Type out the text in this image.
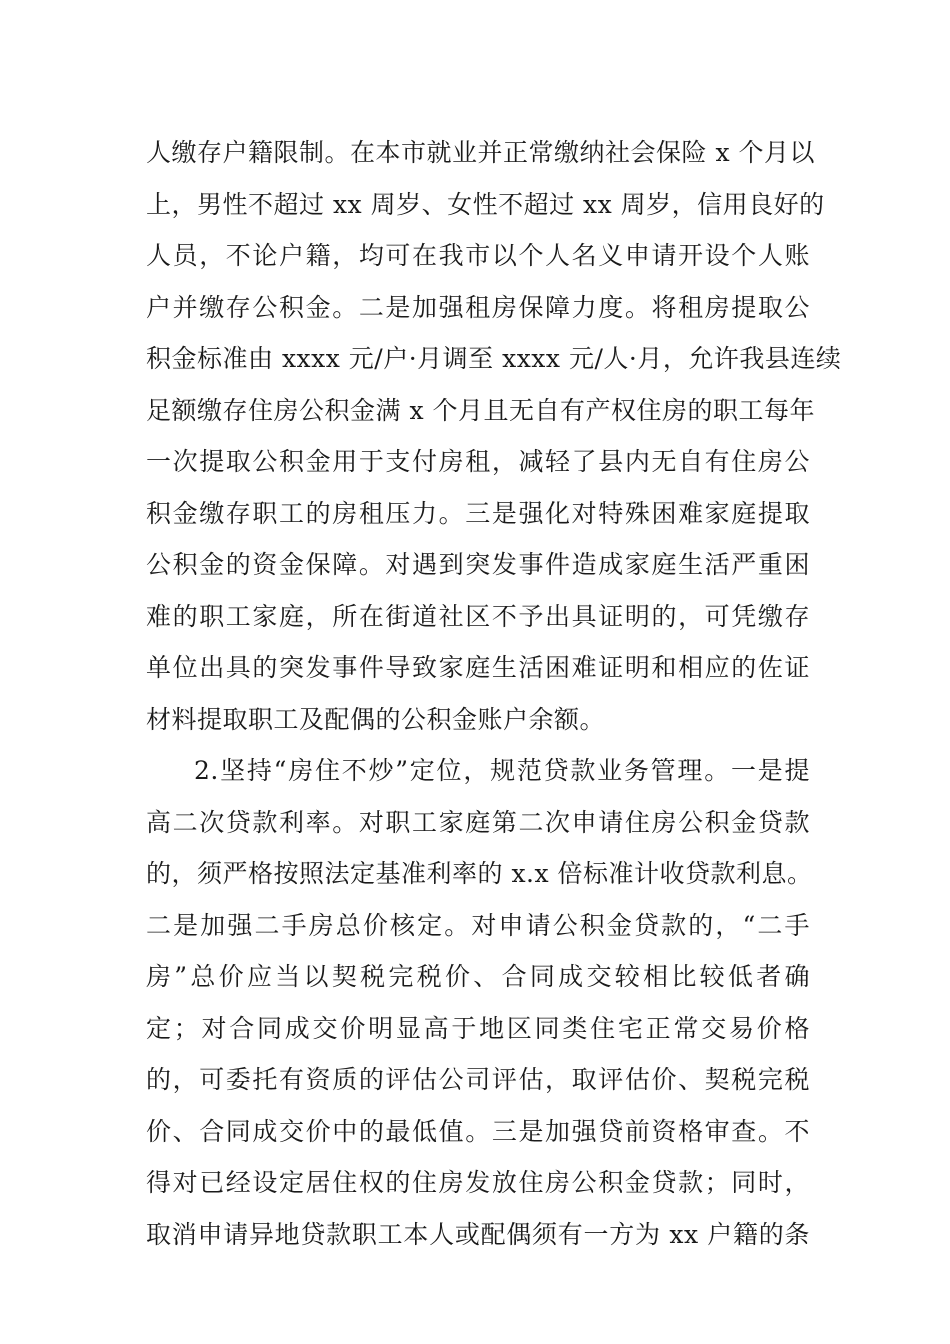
人缴存户籍限制。在本市就业并正常缴纳社会保险 x 个月以
上，男性不超过 xx 周岁、女性不超过 xx 周岁，信用良好的
人员，不论户籍，均可在我市以个人名义申请开设个人账
户并缴存公积金。二是加强租房保障力度。将租房提取公
积金标准由 xxxx 元/户·月调至 xxxx 元/人·月，允许我县连续
足额缴存住房公积金满 x 个月且无自有产权住房的职工每年
一次提取公积金用于支付房租，减轻了县内无自有住房公
积金缴存职工的房租压力。三是强化对特殊困难家庭提取
公积金的资金保障。对遇到突发事件造成家庭生活严重困
难的职工家庭，所在街道社区不予出具证明的，可凭缴存
单位出具的突发事件导致家庭生活困难证明和相应的佐证
材料提取职工及配偶的公积金账户余额。
2.坚持“房住不炒”定位，规范贷款业务管理。一是提
高二次贷款利率。对职工家庭第二次申请住房公积金贷款
的，须严格按照法定基准利率的 x.x 倍标准计收贷款利息。
二是加强二手房总价核定。对申请公积金贷款的，“二手
房”总价应当以契税完税价、合同成交较相比较低者确
定；对合同成交价明显高于地区同类住宅正常交易价格
的，可委托有资质的评估公司评估，取评估价、契税完税
价、合同成交价中的最低值。三是加强贷前资格审查。不
得对已经设定居住权的住房发放住房公积金贷款；同时，
取消申请异地贷款职工本人或配偶须有一方为 xx 户籍的条
